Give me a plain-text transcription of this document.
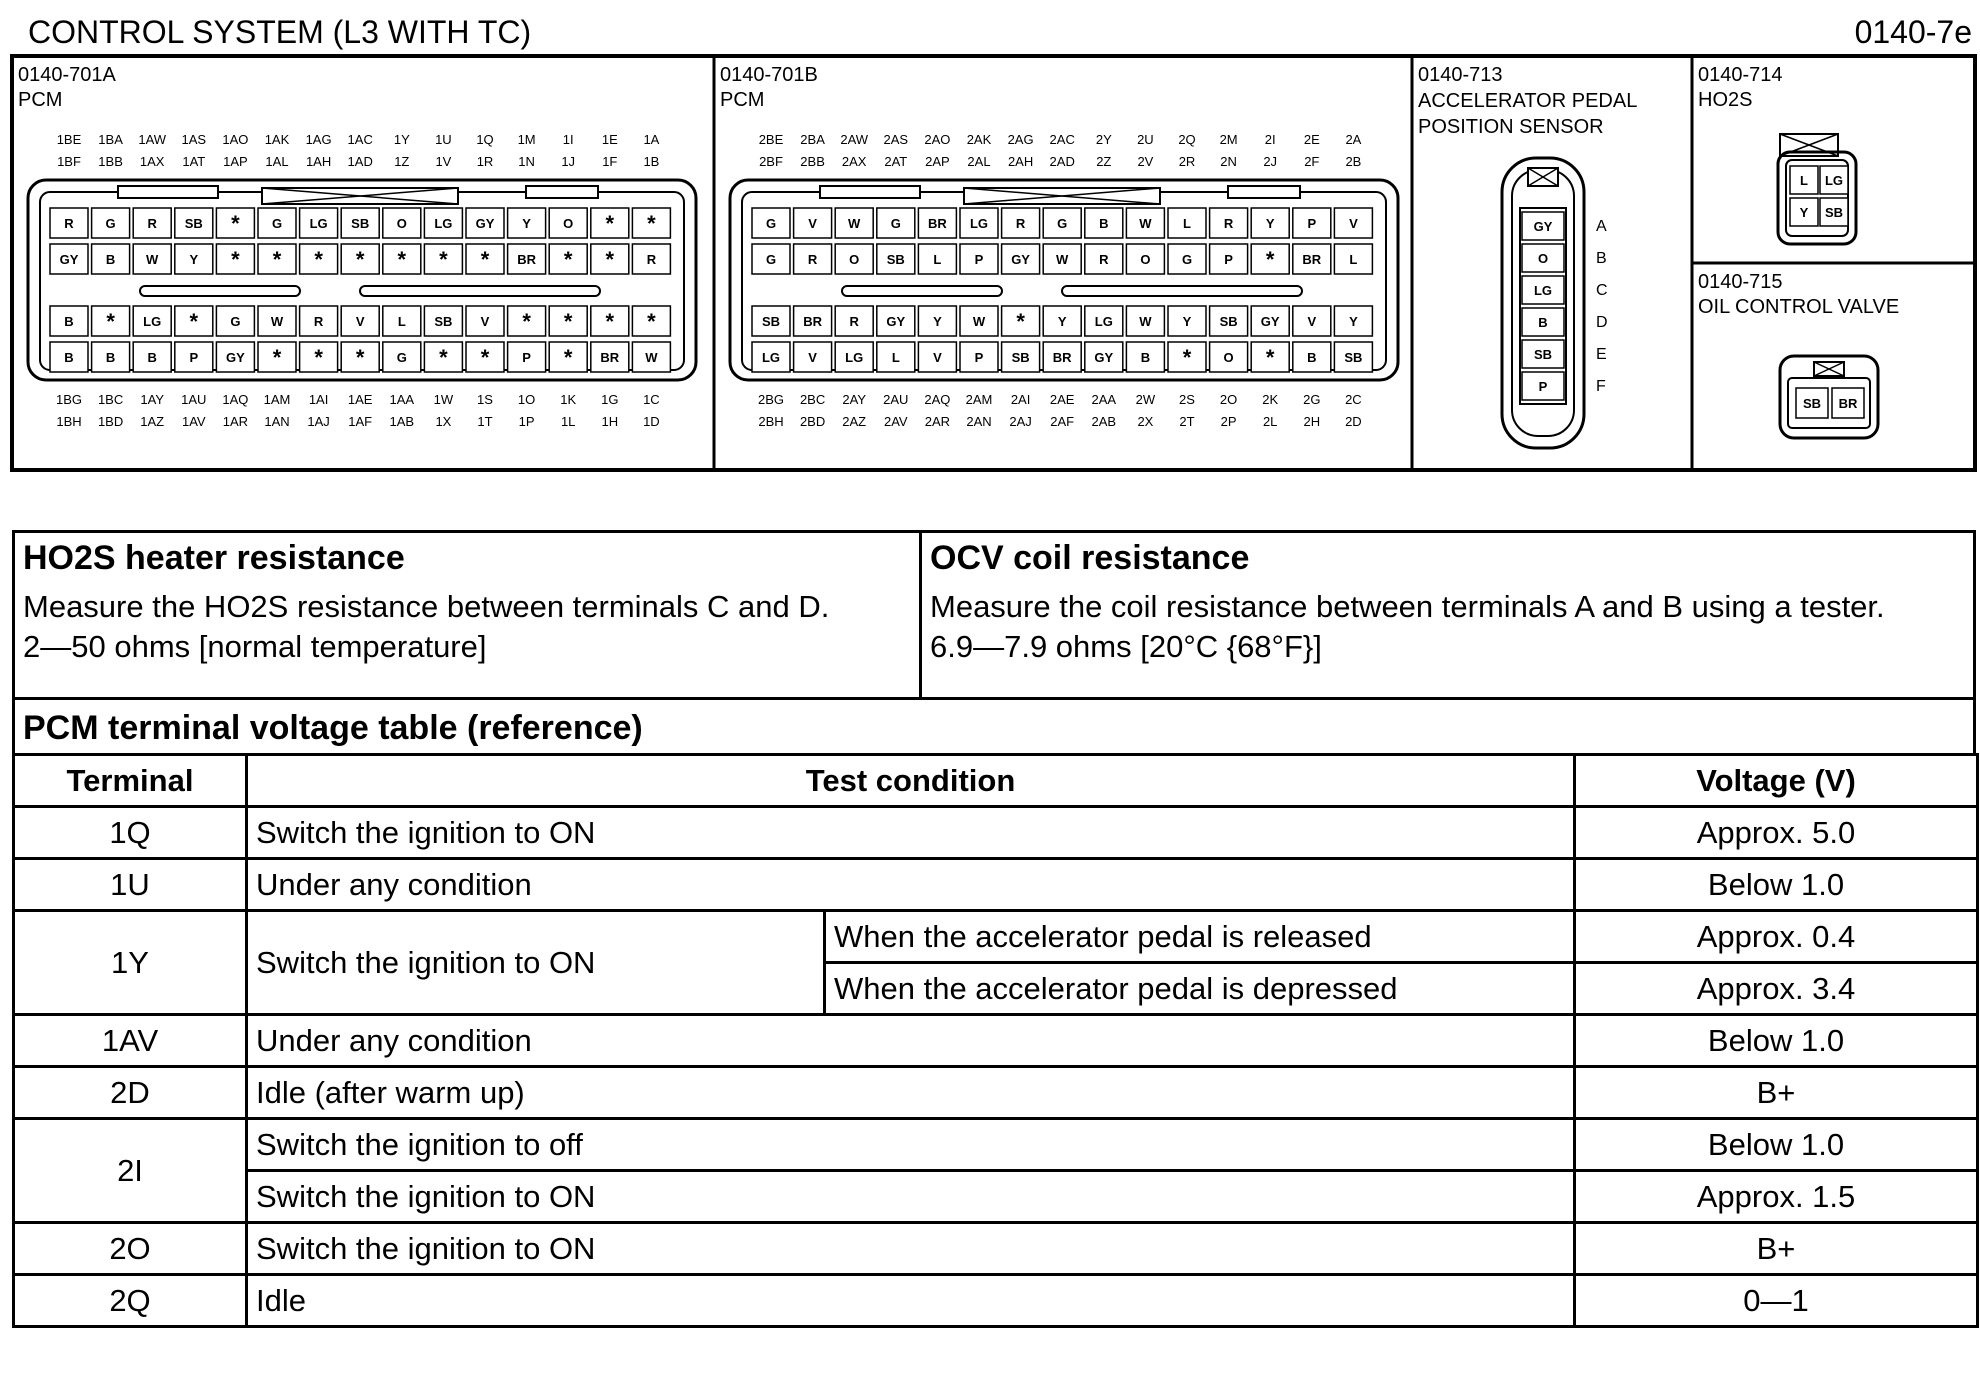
CONTROL SYSTEM (L3 WITH TC)	0140-7e
0140-701A
PCM
0140-701B
PCM
0140-713
ACCELERATOR PEDAL
POSITION SENSOR
0140-714
HO2S
0140-715
OIL CONTROL VALVE
R G R SB * G LG SB O LG GY Y O * *
GY B W Y * * * * * * * BR * *	R
B * LG * G W R	V	L SB V * * * *
B B B	P GY * * * G * *	P * BR W
G V W G BR LG R G B W L	R	Y	P	V
G R O SB L	P GY W R O G P * BR L
SB BR R GY Y W *	Y LG W Y SB GY V	Y
LG V LG L	V	P SB BR GY B * O *	B SB
1BE 1BA 1AW 1AS 1AO 1AK 1AG 1AC 1Y 1U 1Q 1M 1I 1E 1A
1BF 1BB 1AX 1AT 1AP 1AL 1AH 1AD 1Z 1V 1R 1N 1J 1F 1B
1BG 1BC 1AY 1AU 1AQ 1AM 1AI 1AE 1AA 1W 1S 1O 1K 1G 1C
1BH 1BD 1AZ 1AV 1AR 1AN 1AJ 1AF 1AB 1X 1T 1P 1L 1H 1D
2BE 2BA 2AW 2AS 2AO 2AK 2AG 2AC 2Y 2U 2Q 2M 2I 2E 2A
2BF 2BB 2AX 2AT 2AP 2AL 2AH 2AD 2Z 2V 2R 2N 2J 2F 2B
2BG 2BC 2AY 2AU 2AQ 2AM 2AI 2AE 2AA 2W 2S 2O 2K 2G 2C
2BH 2BD 2AZ 2AV 2AR 2AN 2AJ 2AF 2AB 2X 2T 2P 2L 2H 2D
GY	A
O	B
LG	C
B	D
SB	E
P	F
L LG
Y SB
SB BR
HO2S heater resistance
Measure the HO2S resistance between terminals C and D.
2—50 ohms [normal temperature]
OCV coil resistance
Measure the coil resistance between terminals A and B using a tester.
6.9—7.9 ohms [20°C {68°F}]
PCM terminal voltage table (reference)
Terminal	Test condition		Voltage (V)
1Q	Switch the ignition to ON		Approx. 5.0
1U	Under any condition		Below 1.0
1Y	Switch the ignition to ON	When the accelerator pedal is released	Approx. 0.4
		When the accelerator pedal is depressed	Approx. 3.4
1AV	Under any condition		Below 1.0
2D	Idle (after warm up)		B+
2I	Switch the ignition to off		Below 1.0
	Switch the ignition to ON		Approx. 1.5
2O	Switch the ignition to ON		B+
2Q	Idle		0—1
